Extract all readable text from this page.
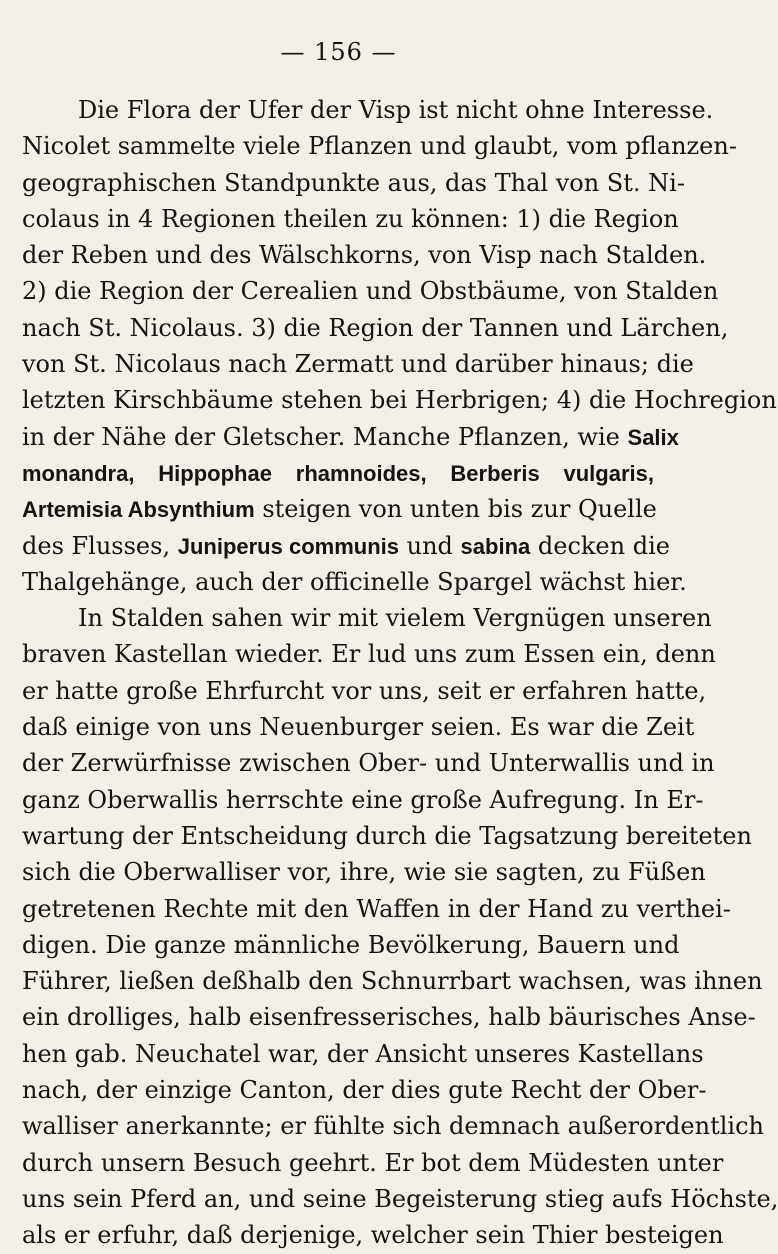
— 156 —
Die Flora der Ufer der Visp ist nicht ohne Interesse.
Nicolet sammelte viele Pflanzen und glaubt, vom pflanzen-
geographischen Standpunkte aus, das Thal von St. Ni-
colaus in 4 Regionen theilen zu können: 1) die Region
der Reben und des Wälschkorns, von Visp nach Stalden.
2) die Region der Cerealien und Obstbäume, von Stalden
nach St. Nicolaus. 3) die Region der Tannen und Lärchen,
von St. Nicolaus nach Zermatt und darüber hinaus; die
letzten Kirschbäume stehen bei Herbrigen; 4) die Hochregion
in der Nähe der Gletscher. Manche Pflanzen, wie Salix
monandra, Hippophae rhamnoides, Berberis vulgaris,
Artemisia Absynthium steigen von unten bis zur Quelle
des Flusses, Juniperus communis und sabina decken die
Thalgehänge, auch der officinelle Spargel wächst hier.
In Stalden sahen wir mit vielem Vergnügen unseren
braven Kastellan wieder. Er lud uns zum Essen ein, denn
er hatte große Ehrfurcht vor uns, seit er erfahren hatte,
daß einige von uns Neuenburger seien. Es war die Zeit
der Zerwürfnisse zwischen Ober- und Unterwallis und in
ganz Oberwallis herrschte eine große Aufregung. In Er-
wartung der Entscheidung durch die Tagsatzung bereiteten
sich die Oberwalliser vor, ihre, wie sie sagten, zu Füßen
getretenen Rechte mit den Waffen in der Hand zu verthei-
digen. Die ganze männliche Bevölkerung, Bauern und
Führer, ließen deßhalb den Schnurrbart wachsen, was ihnen
ein drolliges, halb eisenfresserisches, halb bäurisches Anse-
hen gab. Neuchatel war, der Ansicht unseres Kastellans
nach, der einzige Canton, der dies gute Recht der Ober-
walliser anerkannte; er fühlte sich demnach außerordentlich
durch unsern Besuch geehrt. Er bot dem Müdesten unter
uns sein Pferd an, und seine Begeisterung stieg aufs Höchste,
als er erfuhr, daß derjenige, welcher sein Thier besteigen
